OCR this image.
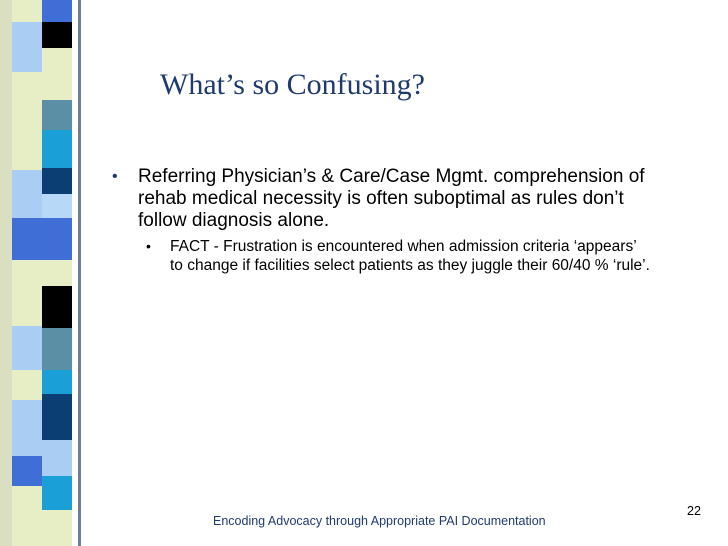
What’s so Confusing?
• Referring Physician’s & Care/Case Mgmt. comprehension of rehab medical necessity is often suboptimal as rules don’t follow diagnosis alone.
• FACT - Frustration is encountered when admission criteria ‘appears’ to change if facilities select patients as they juggle their 60/40 % ‘rule’.
Encoding Advocacy through Appropriate PAI Documentation
22
